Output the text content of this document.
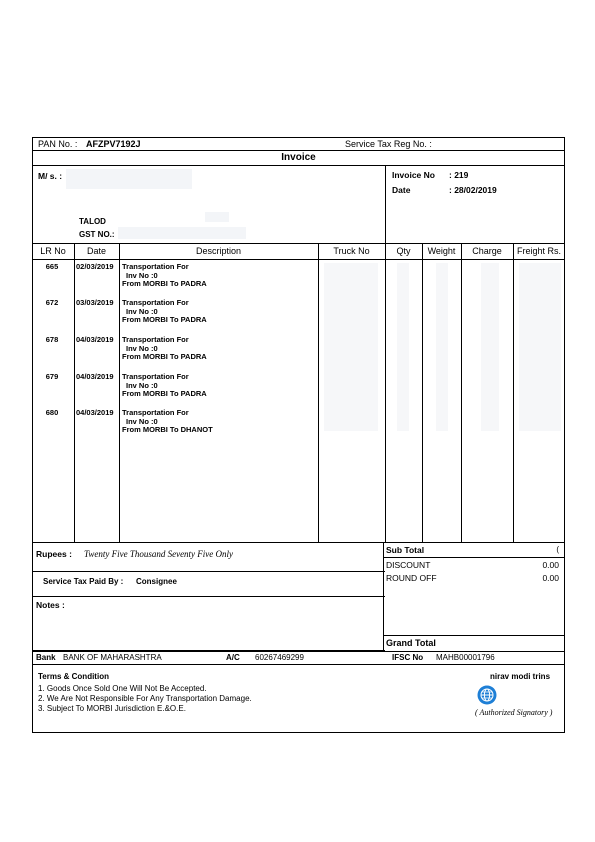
PAN No. : AFZPV7192J	Service Tax Reg No. :
Invoice
M/ s. :
TALOD
GST NO.:
Invoice No : 219
Date	: 28/02/2019
LR No	Date	Description	Truck No	Qty	Weight	Charge	Freight Rs.
665	02/03/2019 Transportation For
Inv No :0
From MORBI To PADRA
672	03/03/2019 Transportation For
Inv No :0
From MORBI To PADRA
678	04/03/2019 Transportation For
Inv No :0
From MORBI To PADRA
679	04/03/2019 Transportation For
Inv No :0
From MORBI To PADRA
680	04/03/2019 Transportation For
Inv No :0
From MORBI To DHANOT
Rupees : Twenty Five Thousand Seventy Five Only
Service Tax Paid By : Consignee
Notes :
Sub Total	(
DISCOUNT	0.00
ROUND OFF	0.00
Grand Total
Bank BANK OF MAHARASHTRA	A/C 60267469299	IFSC No MAHB00001796
Terms & Condition
1. Goods Once Sold One Will Not Be Accepted.
2. We Are Not Responsible For Any Transportation Damage.
3. Subject To MORBI Jurisdiction E.&O.E.
nirav modi trins
( Authorized Signatory )
